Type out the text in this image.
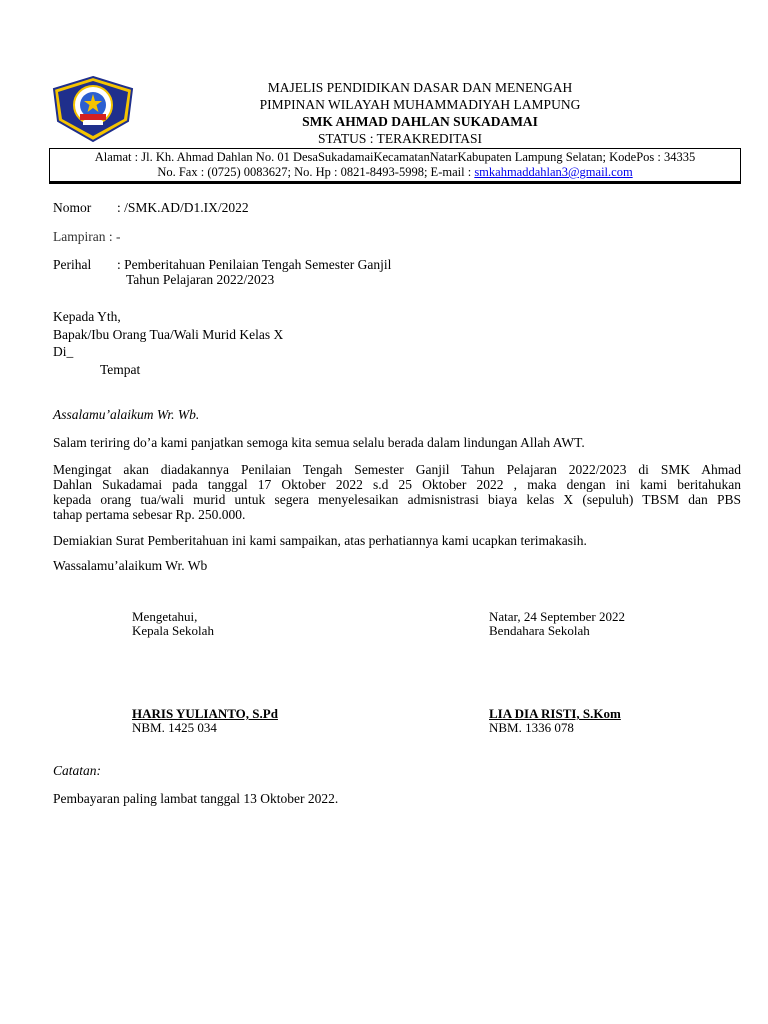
MAJELIS PENDIDIKAN DASAR DAN MENENGAH
PIMPINAN WILAYAH MUHAMMADIYAH LAMPUNG
SMK AHMAD DAHLAN SUKADAMAI
STATUS : TERAKREDITASI
Alamat : Jl. Kh. Ahmad Dahlan No. 01 DesaSukadamaiKecamatanNatarKabupaten Lampung Selatan; KodePos : 34335
No. Fax : (0725) 0083627; No. Hp : 0821-8493-5998; E-mail : smkahmaddahlan3@gmail.com
Nomor : /SMK.AD/D1.IX/2022
Lampiran : -
Perihal : Pemberitahuan Penilaian Tengah Semester Ganjil
Tahun Pelajaran 2022/2023
Kepada Yth,
Bapak/Ibu Orang Tua/Wali Murid Kelas X
Di_
Tempat
Assalamu’alaikum Wr. Wb.
Salam teriring do’a kami panjatkan semoga kita semua selalu berada dalam lindungan Allah AWT.
Mengingat akan diadakannya Penilaian Tengah Semester Ganjil Tahun Pelajaran 2022/2023 di SMK Ahmad
Dahlan Sukadamai pada tanggal 17 Oktober 2022 s.d 25 Oktober 2022 , maka dengan ini kami beritahukan
kepada orang tua/wali murid untuk segera menyelesaikan admisnistrasi biaya kelas X (sepuluh) TBSM dan PBS
tahap pertama sebesar Rp. 250.000.
Demiakian Surat Pemberitahuan ini kami sampaikan, atas perhatiannya kami ucapkan terimakasih.
Wassalamu’alaikum Wr. Wb
Mengetahui,
Kepala Sekolah
HARIS YULIANTO, S.Pd
NBM. 1425 034
Natar, 24 September 2022
Bendahara Sekolah
LIA DIA RISTI, S.Kom
NBM. 1336 078
Catatan:
Pembayaran paling lambat tanggal 13 Oktober 2022.
